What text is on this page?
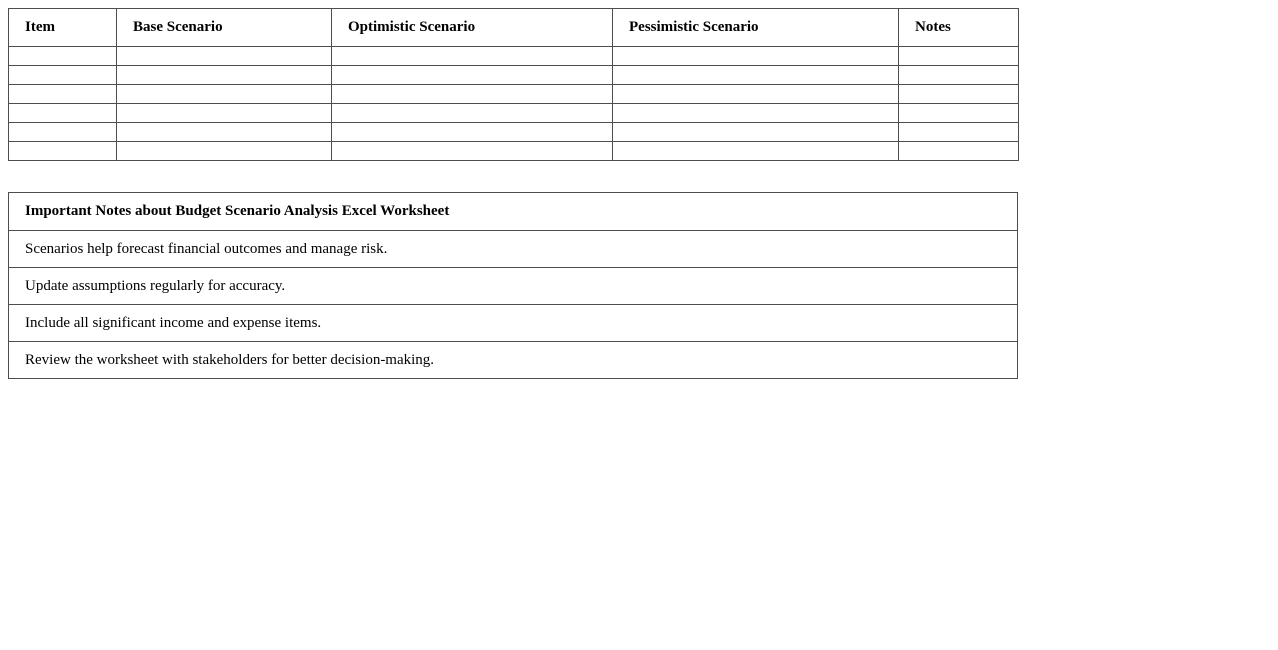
Item	Base Scenario	Optimistic Scenario	Pessimistic Scenario	Notes

Important Notes about Budget Scenario Analysis Excel Worksheet
Scenarios help forecast financial outcomes and manage risk.
Update assumptions regularly for accuracy.
Include all significant income and expense items.
Review the worksheet with stakeholders for better decision-making.
